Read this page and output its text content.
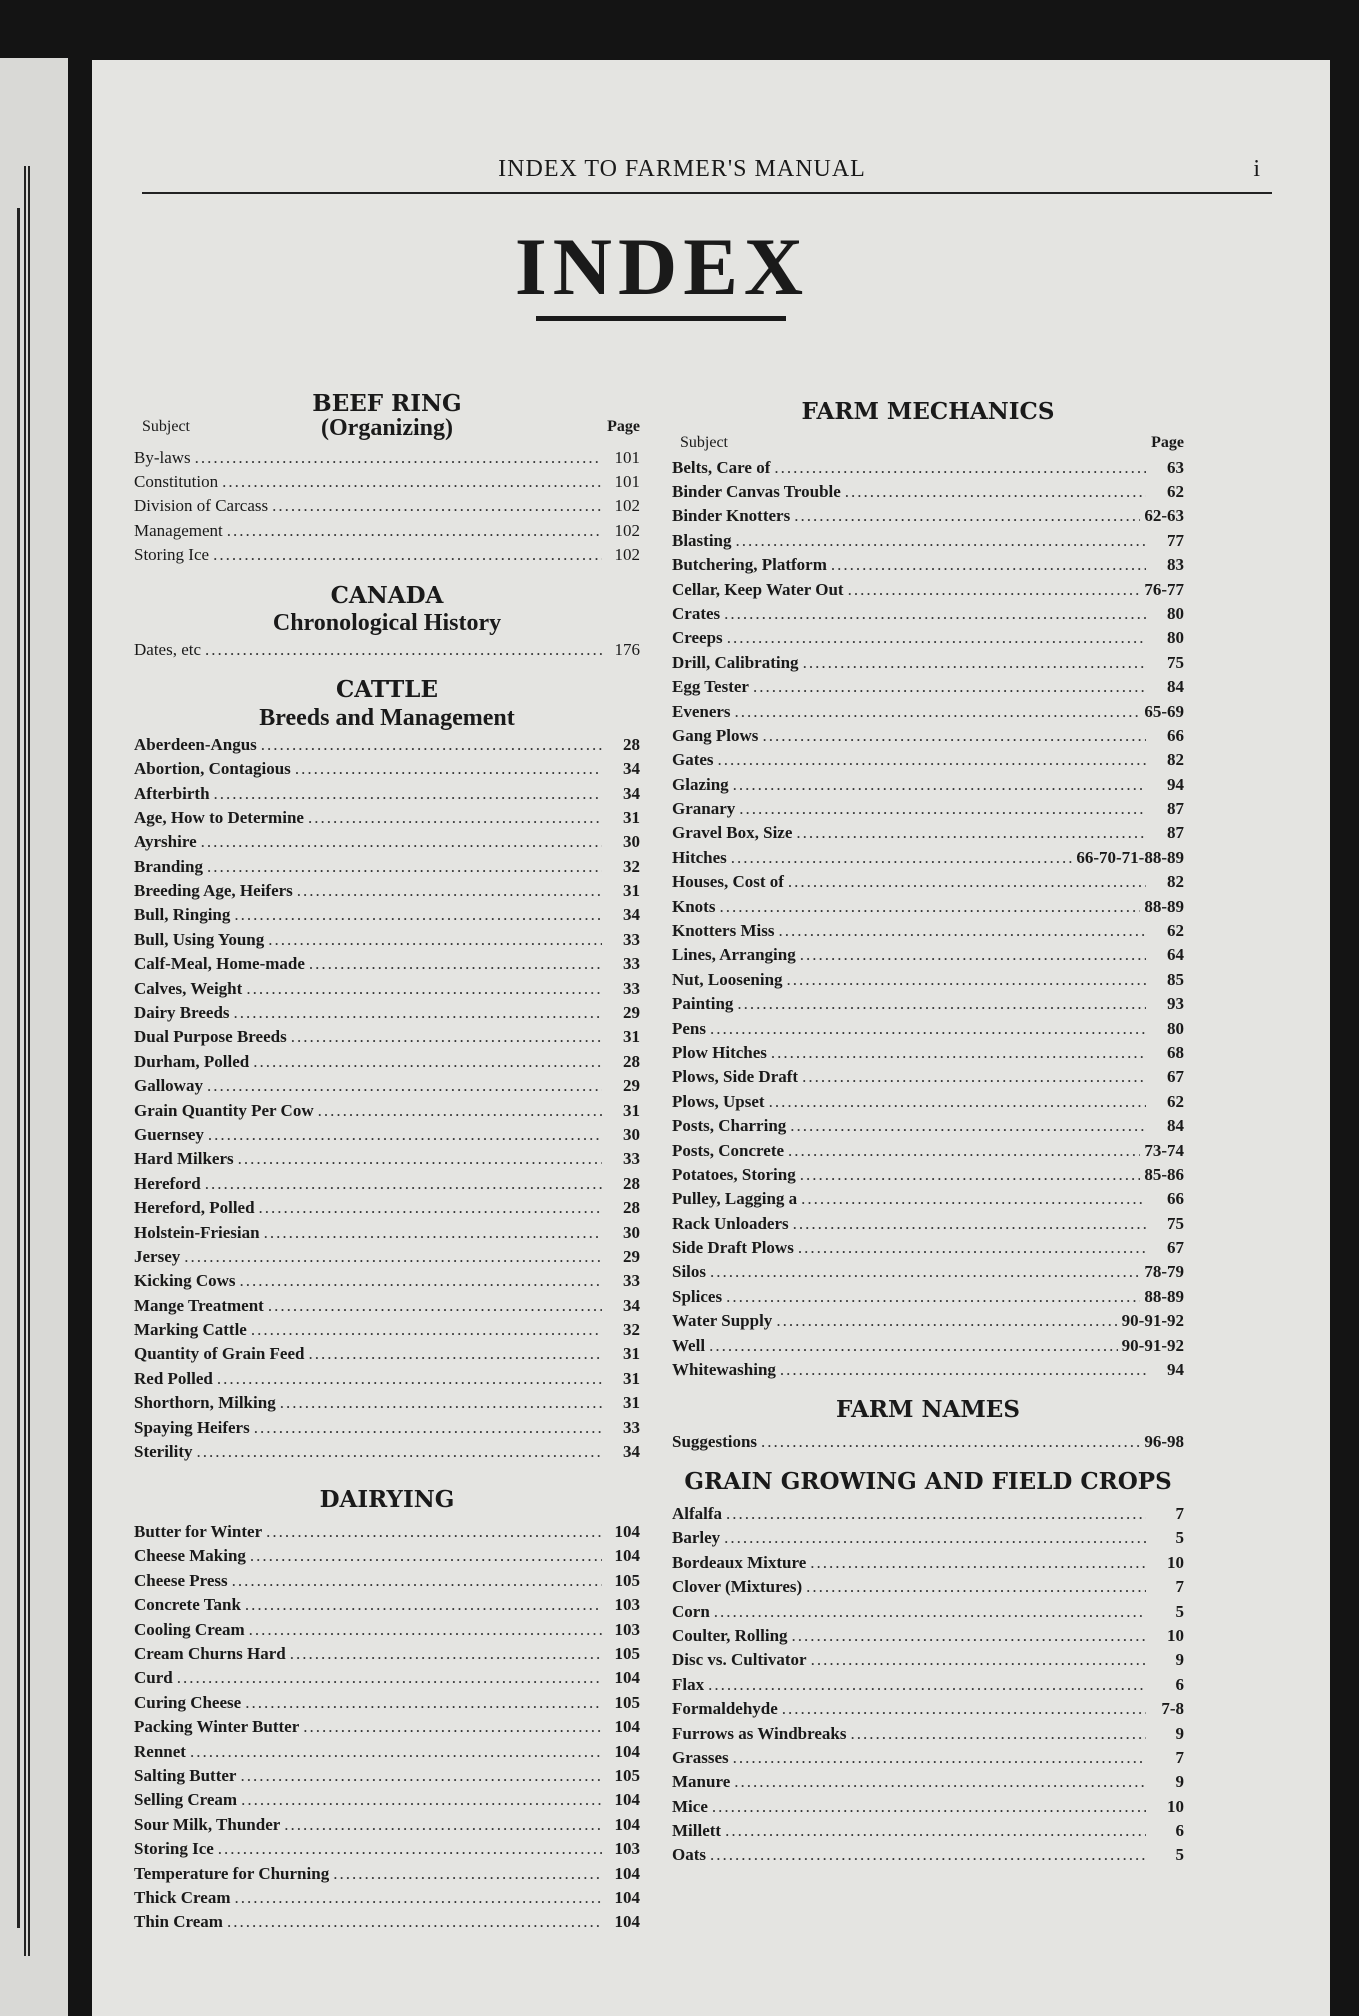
INDEX TO FARMER'S MANUAL	i
INDEX
BEEF RING
Subject	Page
(Organizing)
By-laws .....	101
Constitution .....	101
Division of Carcass .....	102
Management .....	102
Storing Ice .....	102
CANADA
Chronological History
Dates, etc .....	176
CATTLE
Breeds and Management
Aberdeen-Angus .....	28
Abortion, Contagious .....	34
Afterbirth .....	34
Age, How to Determine .....	31
Ayrshire .....	30
Branding .....	32
Breeding Age, Heifers .....	31
Bull, Ringing .....	34
Bull, Using Young .....	33
Calf-Meal, Home-made .....	33
Calves, Weight .....	33
Dairy Breeds .....	29
Dual Purpose Breeds .....	31
Durham, Polled .....	28
Galloway .....	29
Grain Quantity Per Cow .....	31
Guernsey .....	30
Hard Milkers .....	33
Hereford .....	28
Hereford, Polled .....	28
Holstein-Friesian .....	30
Jersey .....	29
Kicking Cows .....	33
Mange Treatment .....	34
Marking Cattle .....	32
Quantity of Grain Feed .....	31
Red Polled .....	31
Shorthorn, Milking .....	31
Spaying Heifers .....	33
Sterility .....	34
DAIRYING
Butter for Winter .....	104
Cheese Making .....	104
Cheese Press .....	105
Concrete Tank .....	103
Cooling Cream .....	103
Cream Churns Hard .....	105
Curd .....	104
Curing Cheese .....	105
Packing Winter Butter .....	104
Rennet .....	104
Salting Butter .....	105
Selling Cream .....	104
Sour Milk, Thunder .....	104
Storing Ice .....	103
Temperature for Churning .....	104
Thick Cream .....	104
Thin Cream .....	104
FARM MECHANICS
Subject	Page
Belts, Care of .....	63
Binder Canvas Trouble .....	62
Binder Knotters .....	62-63
Blasting .....	77
Butchering, Platform .....	83
Cellar, Keep Water Out .....	76-77
Crates .....	80
Creeps .....	80
Drill, Calibrating .....	75
Egg Tester .....	84
Eveners .....	65-69
Gang Plows .....	66
Gates .....	82
Glazing .....	94
Granary .....	87
Gravel Box, Size .....	87
Hitches .....	66-70-71-88-89
Houses, Cost of .....	82
Knots .....	88-89
Knotters Miss .....	62
Lines, Arranging .....	64
Nut, Loosening .....	85
Painting .....	93
Pens .....	80
Plow Hitches .....	68
Plows, Side Draft .....	67
Plows, Upset .....	62
Posts, Charring .....	84
Posts, Concrete .....	73-74
Potatoes, Storing .....	85-86
Pulley, Lagging a .....	66
Rack Unloaders .....	75
Side Draft Plows .....	67
Silos .....	78-79
Splices .....	88-89
Water Supply .....	90-91-92
Well .....	90-91-92
Whitewashing .....	94
FARM NAMES
Suggestions .....	96-98
GRAIN GROWING AND FIELD CROPS
Alfalfa .....	7
Barley .....	5
Bordeaux Mixture .....	10
Clover (Mixtures) .....	7
Corn .....	5
Coulter, Rolling .....	10
Disc vs. Cultivator .....	9
Flax .....	6
Formaldehyde .....	7-8
Furrows as Windbreaks .....	9
Grasses .....	7
Manure .....	9
Mice .....	10
Millett .....	6
Oats .....	5
